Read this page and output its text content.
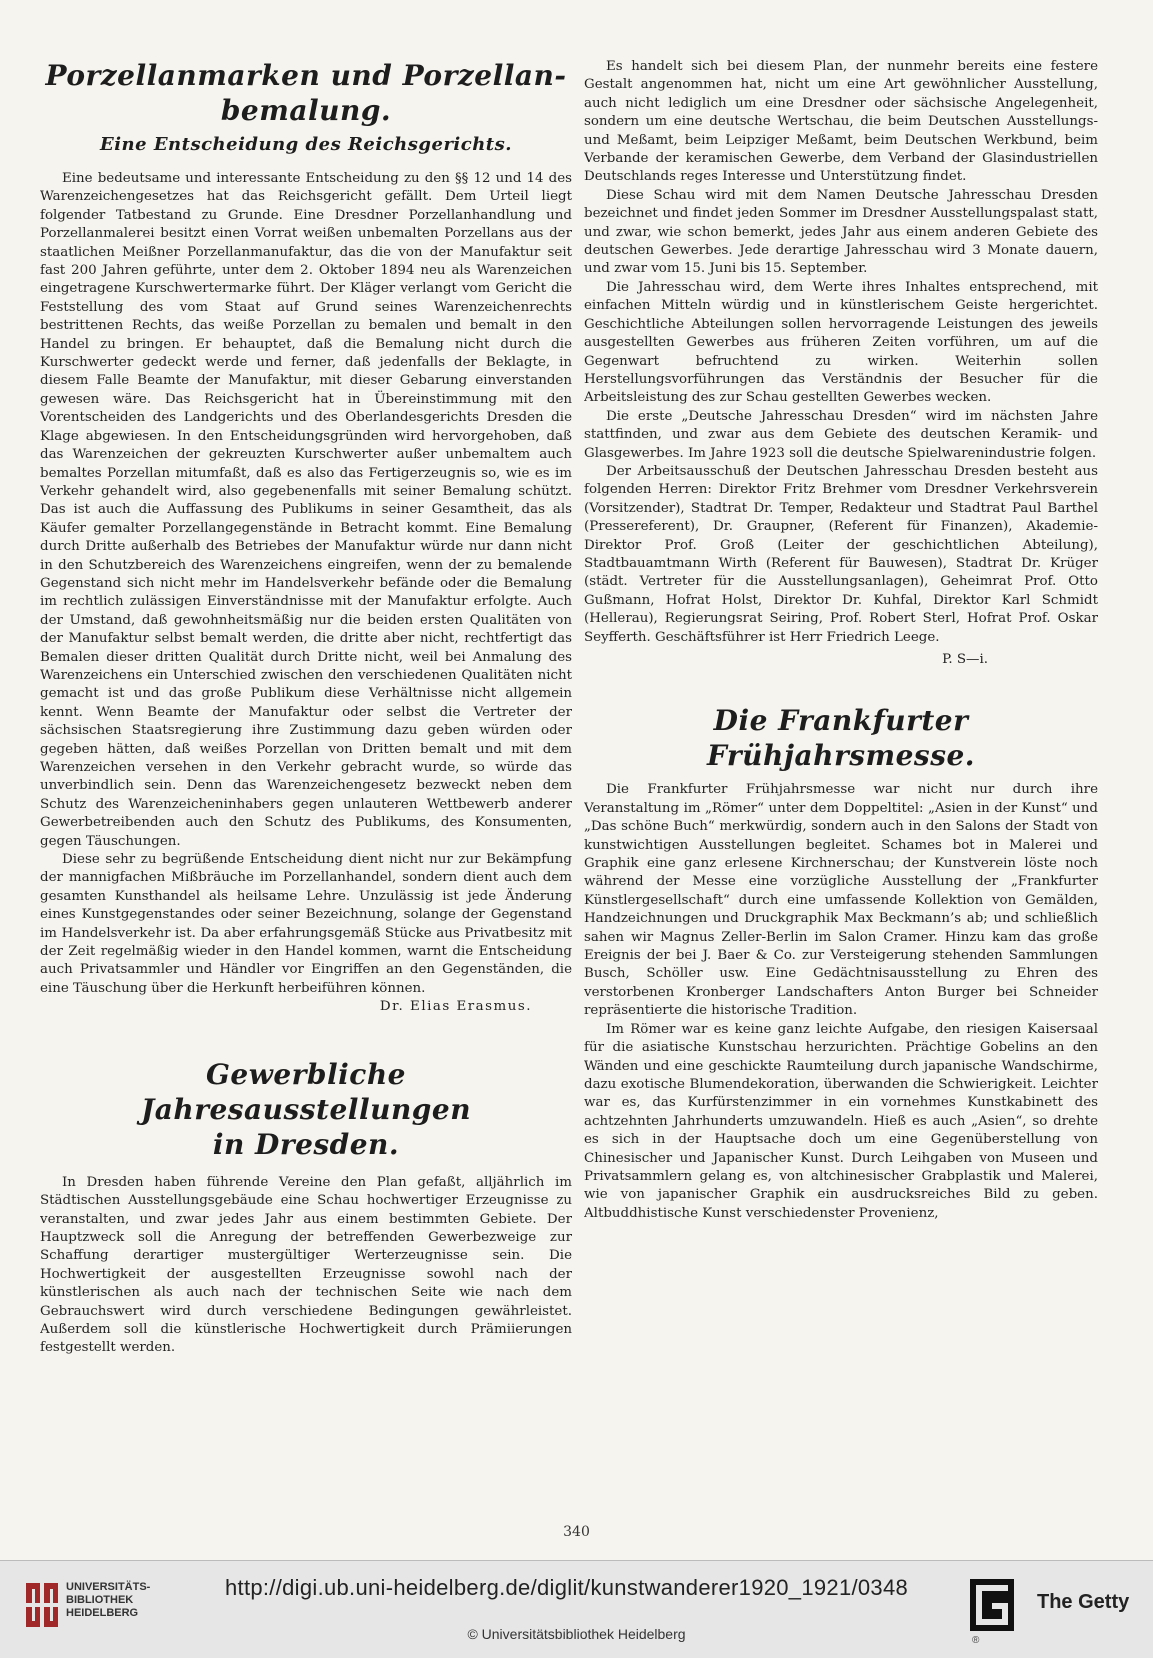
Porzellanmarken und Porzellan-
bemalung.
Eine Entscheidung des Reichsgerichts.

Eine bedeutsame und interessante Entscheidung zu den §§ 12 und 14 des Warenzeichengesetzes hat das Reichsgericht gefällt. Dem Urteil liegt folgender Tatbestand zu Grunde. Eine Dresdner Porzellanhandlung und Porzellanmalerei besitzt einen Vorrat weißen unbemalten Porzellans aus der staatlichen Meißner Porzellanmanufaktur, das die von der Manufaktur seit fast 200 Jahren geführte, unter dem 2. Oktober 1894 neu als Warenzeichen eingetragene Kurschwertermarke führt. Der Kläger verlangt vom Gericht die Feststellung des vom Staat auf Grund seines Warenzeichenrechts bestrittenen Rechts, das weiße Porzellan zu bemalen und bemalt in den Handel zu bringen. Er behauptet, daß die Bemalung nicht durch die Kurschwerter gedeckt werde und ferner, daß jedenfalls der Beklagte, in diesem Falle Beamte der Manufaktur, mit dieser Gebarung einverstanden gewesen wäre. Das Reichsgericht hat in Übereinstimmung mit den Vorentscheiden des Landgerichts und des Oberlandesgerichts Dresden die Klage abgewiesen. In den Entscheidungsgründen wird hervorgehoben, daß das Warenzeichen der gekreuzten Kurschwerter außer unbemaltem auch bemaltes Porzellan mitumfaßt, daß es also das Fertigerzeugnis so, wie es im Verkehr gehandelt wird, also gegebenenfalls mit seiner Bemalung schützt. Das ist auch die Auffassung des Publikums in seiner Gesamtheit, das als Käufer gemalter Porzellangegenstände in Betracht kommt. Eine Bemalung durch Dritte außerhalb des Betriebes der Manufaktur würde nur dann nicht in den Schutzbereich des Warenzeichens eingreifen, wenn der zu bemalende Gegenstand sich nicht mehr im Handelsverkehr befände oder die Bemalung im rechtlich zulässigen Einverständnisse mit der Manufaktur erfolgte. Auch der Umstand, daß gewohnheitsmäßig nur die beiden ersten Qualitäten von der Manufaktur selbst bemalt werden, die dritte aber nicht, rechtfertigt das Bemalen dieser dritten Qualität durch Dritte nicht, weil bei Anmalung des Warenzeichens ein Unterschied zwischen den verschiedenen Qualitäten nicht gemacht ist und das große Publikum diese Verhältnisse nicht allgemein kennt. Wenn Beamte der Manufaktur oder selbst die Vertreter der sächsischen Staatsregierung ihre Zustimmung dazu geben würden oder gegeben hätten, daß weißes Porzellan von Dritten bemalt und mit dem Warenzeichen versehen in den Verkehr gebracht wurde, so würde das unverbindlich sein. Denn das Warenzeichengesetz bezweckt neben dem Schutz des Warenzeicheninhabers gegen unlauteren Wettbewerb anderer Gewerbetreibenden auch den Schutz des Publikums, des Konsumenten, gegen Täuschungen.

Diese sehr zu begrüßende Entscheidung dient nicht nur zur Bekämpfung der mannigfachen Mißbräuche im Porzellanhandel, sondern dient auch dem gesamten Kunsthandel als heilsame Lehre. Unzulässig ist jede Änderung eines Kunstgegenstandes oder seiner Bezeichnung, solange der Gegenstand im Handelsverkehr ist. Da aber erfahrungsgemäß Stücke aus Privatbesitz mit der Zeit regelmäßig wieder in den Handel kommen, warnt die Entscheidung auch Privatsammler und Händler vor Eingriffen an den Gegenständen, die eine Täuschung über die Herkunft herbeiführen können.

Dr. Elias Erasmus.

Gewerbliche Jahresausstellungen
in Dresden.

In Dresden haben führende Vereine den Plan gefaßt, alljährlich im Städtischen Ausstellungsgebäude eine Schau hochwertiger Erzeugnisse zu veranstalten, und zwar jedes Jahr aus einem bestimmten Gebiete. Der Hauptzweck soll die Anregung der betreffenden Gewerbezweige zur Schaffung derartiger mustergültiger Werterzeugnisse sein. Die Hochwertigkeit der ausgestellten Erzeugnisse sowohl nach der künstlerischen als auch nach der technischen Seite wie nach dem Gebrauchswert wird durch verschiedene Bedingungen gewährleistet. Außerdem soll die künstlerische Hochwertigkeit durch Prämiierungen festgestellt werden.

Es handelt sich bei diesem Plan, der nunmehr bereits eine festere Gestalt angenommen hat, nicht um eine Art gewöhnlicher Ausstellung, auch nicht lediglich um eine Dresdner oder sächsische Angelegenheit, sondern um eine deutsche Wertschau, die beim Deutschen Ausstellungs- und Meßamt, beim Leipziger Meßamt, beim Deutschen Werkbund, beim Verbande der keramischen Gewerbe, dem Verband der Glasindustriellen Deutschlands reges Interesse und Unterstützung findet.

Diese Schau wird mit dem Namen Deutsche Jahresschau Dresden bezeichnet und findet jeden Sommer im Dresdner Ausstellungspalast statt, und zwar, wie schon bemerkt, jedes Jahr aus einem anderen Gebiete des deutschen Gewerbes. Jede derartige Jahresschau wird 3 Monate dauern, und zwar vom 15. Juni bis 15. September.

Die Jahresschau wird, dem Werte ihres Inhaltes entsprechend, mit einfachen Mitteln würdig und in künstlerischem Geiste hergerichtet. Geschichtliche Abteilungen sollen hervorragende Leistungen des jeweils ausgestellten Gewerbes aus früheren Zeiten vorführen, um auf die Gegenwart befruchtend zu wirken. Weiterhin sollen Herstellungsvorführungen das Verständnis der Besucher für die Arbeitsleistung des zur Schau gestellten Gewerbes wecken.

Die erste „Deutsche Jahresschau Dresden“ wird im nächsten Jahre stattfinden, und zwar aus dem Gebiete des deutschen Keramik- und Glasgewerbes. Im Jahre 1923 soll die deutsche Spielwarenindustrie folgen.

Der Arbeitsausschuß der Deutschen Jahresschau Dresden besteht aus folgenden Herren: Direktor Fritz Brehmer vom Dresdner Verkehrsverein (Vorsitzender), Stadtrat Dr. Temper, Redakteur und Stadtrat Paul Barthel (Pressereferent), Dr. Graupner, (Referent für Finanzen), Akademie-Direktor Prof. Groß (Leiter der geschichtlichen Abteilung), Stadtbauamtmann Wirth (Referent für Bauwesen), Stadtrat Dr. Krüger (städt. Vertreter für die Ausstellungsanlagen), Geheimrat Prof. Otto Gußmann, Hofrat Holst, Direktor Dr. Kuhfal, Direktor Karl Schmidt (Hellerau), Regierungsrat Seiring, Prof. Robert Sterl, Hofrat Prof. Oskar Seyfferth. Geschäftsführer ist Herr Friedrich Leege.

P. S—i.

Die Frankfurter Frühjahrsmesse.

Die Frankfurter Frühjahrsmesse war nicht nur durch ihre Veranstaltung im „Römer“ unter dem Doppeltitel: „Asien in der Kunst“ und „Das schöne Buch“ merkwürdig, sondern auch in den Salons der Stadt von kunstwichtigen Ausstellungen begleitet. Schames bot in Malerei und Graphik eine ganz erlesene Kirchnerschau; der Kunstverein löste noch während der Messe eine vorzügliche Ausstellung der „Frankfurter Künstlergesellschaft“ durch eine umfassende Kollektion von Gemälden, Handzeichnungen und Druckgraphik Max Beckmann’s ab; und schließlich sahen wir Magnus Zeller-Berlin im Salon Cramer. Hinzu kam das große Ereignis der bei J. Baer & Co. zur Versteigerung stehenden Sammlungen Busch, Schöller usw. Eine Gedächtnisausstellung zu Ehren des verstorbenen Kronberger Landschafters Anton Burger bei Schneider repräsentierte die historische Tradition.

Im Römer war es keine ganz leichte Aufgabe, den riesigen Kaisersaal für die asiatische Kunstschau herzurichten. Prächtige Gobelins an den Wänden und eine geschickte Raumteilung durch japanische Wandschirme, dazu exotische Blumendekoration, überwanden die Schwierigkeit. Leichter war es, das Kurfürstenzimmer in ein vornehmes Kunstkabinett des achtzehnten Jahrhunderts umzuwandeln. Hieß es auch „Asien“, so drehte es sich in der Hauptsache doch um eine Gegenüberstellung von Chinesischer und Japanischer Kunst. Durch Leihgaben von Museen und Privatsammlern gelang es, von altchinesischer Grabplastik und Malerei, wie von japanischer Graphik ein ausdrucksreiches Bild zu geben. Altbuddhistische Kunst verschiedenster Provenienz,

340
UNIVERSITÄTS-
BIBLIOTHEK
HEIDELBERG
http://digi.ub.uni-heidelberg.de/diglit/kunstwanderer1920_1921/0348
© Universitätsbibliothek Heidelberg	®
The Getty
